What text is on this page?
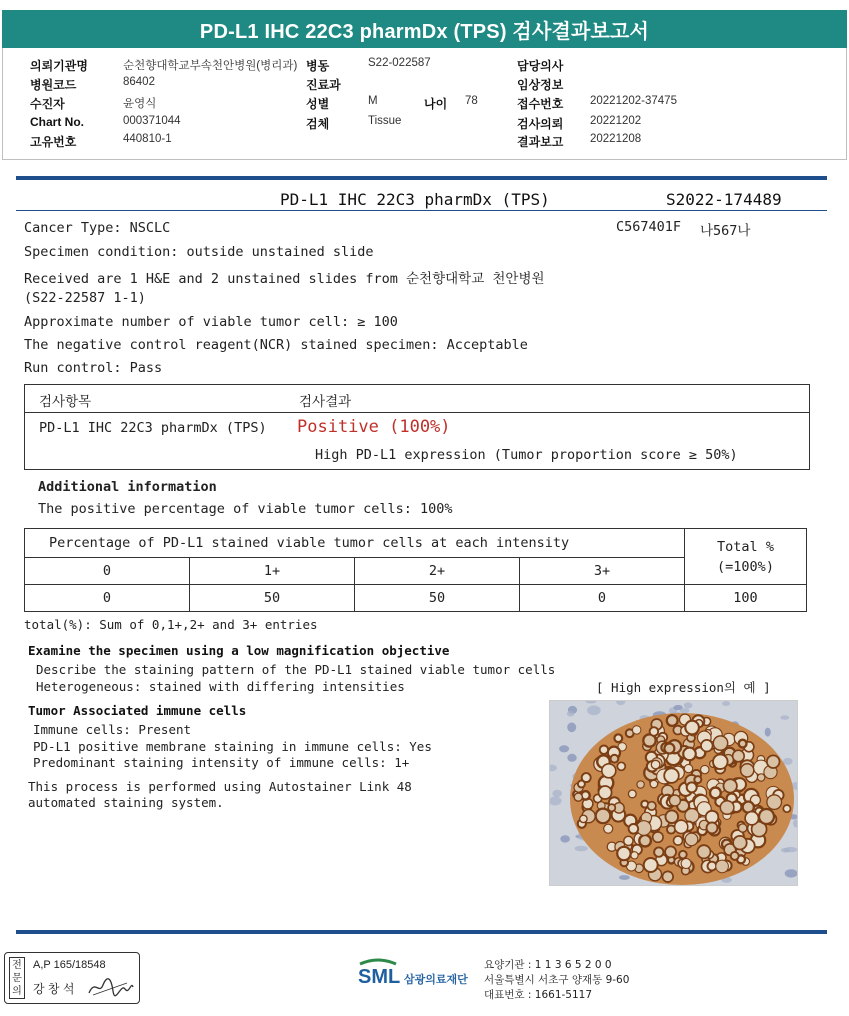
PD-L1 IHC 22C3 pharmDx (TPS) 검사결과보고서
의뢰기관명	순천향대학교부속천안병원(병리과)
병원코드	86402
수진자	윤영식
Chart No.	000371044
고유번호	440810-1
병동	S22-022587
진료과
성별	M	나이 78
검체	Tissue
담당의사
임상정보
접수번호 20221202-37475
검사의뢰 20221202
결과보고 20221208
PD-L1 IHC 22C3 pharmDx (TPS)	S2022-174489
C567401F 나567나
Cancer Type: NSCLC
Specimen condition: outside unstained slide
Received are 1 H&E and 2 unstained slides from 순천향대학교 천안병원
(S22-22587 1-1)
Approximate number of viable tumor cell: ≥ 100
The negative control reagent(NCR) stained specimen: Acceptable
Run control: Pass
검사항목	검사결과
PD-L1 IHC 22C3 pharmDx (TPS) Positive (100%)
High PD-L1 expression (Tumor proportion score ≥ 50%)
Additional information
The positive percentage of viable tumor cells: 100%
Percentage of PD-L1 stained viable tumor cells at each intensity				Total %
(=100%)

0	1+	2+	3+	
0	50	50	0	100
total(%): Sum of 0,1+,2+ and 3+ entries
Examine the specimen using a low magnification objective
Describe the staining pattern of the PD-L1 stained viable tumor cells
Heterogeneous: stained with differing intensities	[ High expression의 예 ]
Tumor Associated immune cells
Immune cells: Present
PD-L1 positive membrane staining in immune cells: Yes
Predominant staining intensity of immune cells: 1+
This process is performed using Autostainer Link 48
automated staining system.
전문의
A,P 165/18548
강 창 석
SML 삼광의료재단
요양기관 : 1 1 3 6 5 2 0 0
서울특별시 서초구 양재동 9-60
대표번호 : 1661-5117
